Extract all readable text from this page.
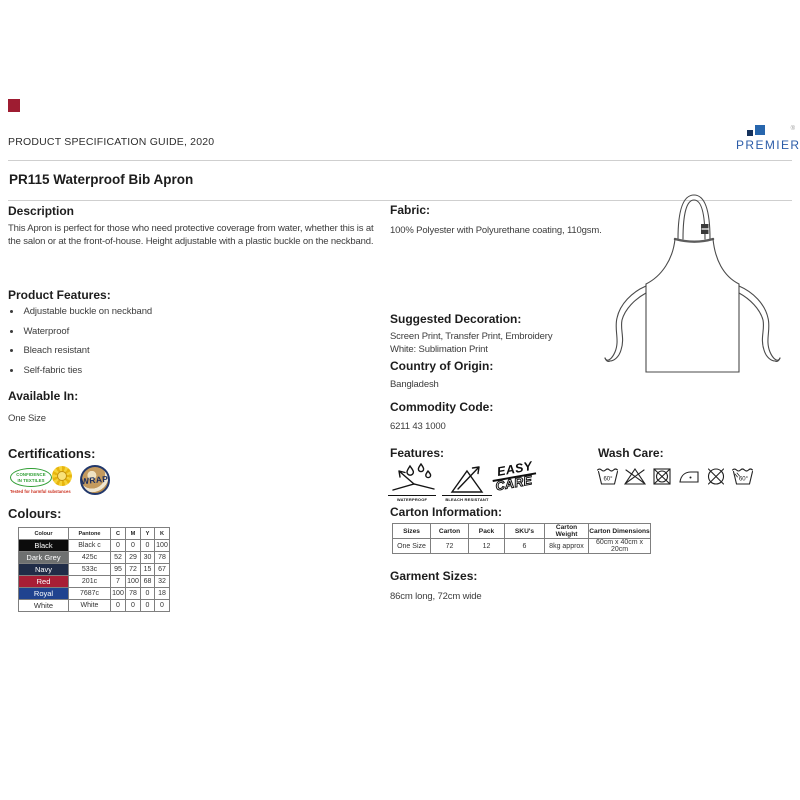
PRODUCT SPECIFICATION GUIDE, 2020
®
PREMIER
PR115 Waterproof Bib Apron
Description
This Apron is perfect for those who need protective coverage from water, whether this is at the salon or at the front-of-house. Height adjustable with a plastic buckle on the neckband.
Product Features:
• Adjustable buckle on neckband
• Waterproof
• Bleach resistant
• Self-fabric ties
Available In:
One Size
Certifications:
CONFIDENCE
IN TEXTILES
Tested for harmful substances
WRAP
Colours:
Colour	Pantone	C	M	Y	K
Black	Black c	0	0	0	100
Dark Grey	425c	52	29	30	78
Navy	533c	95	72	15	67
Red	201c	7	100	68	32
Royal	7687c	100	78	0	18
White	White	0	0	0	0
Fabric:
100% Polyester with Polyurethane coating, 110gsm.
Suggested Decoration:
Screen Print, Transfer Print, Embroidery
White: Sublimation Print
Country of Origin:
Bangladesh
Commodity Code:
6211 43 1000
Features:
WATERPROOF	BLEACH RESISTANT
EASY
CARE
Wash Care:
60°	60°
Carton Information:
Sizes	Carton	Pack	SKU's	Carton Weight	Carton Dimensions
One Size	72	12	6	8kg approx	60cm x 40cm x 20cm
Garment Sizes:
86cm long, 72cm wide
